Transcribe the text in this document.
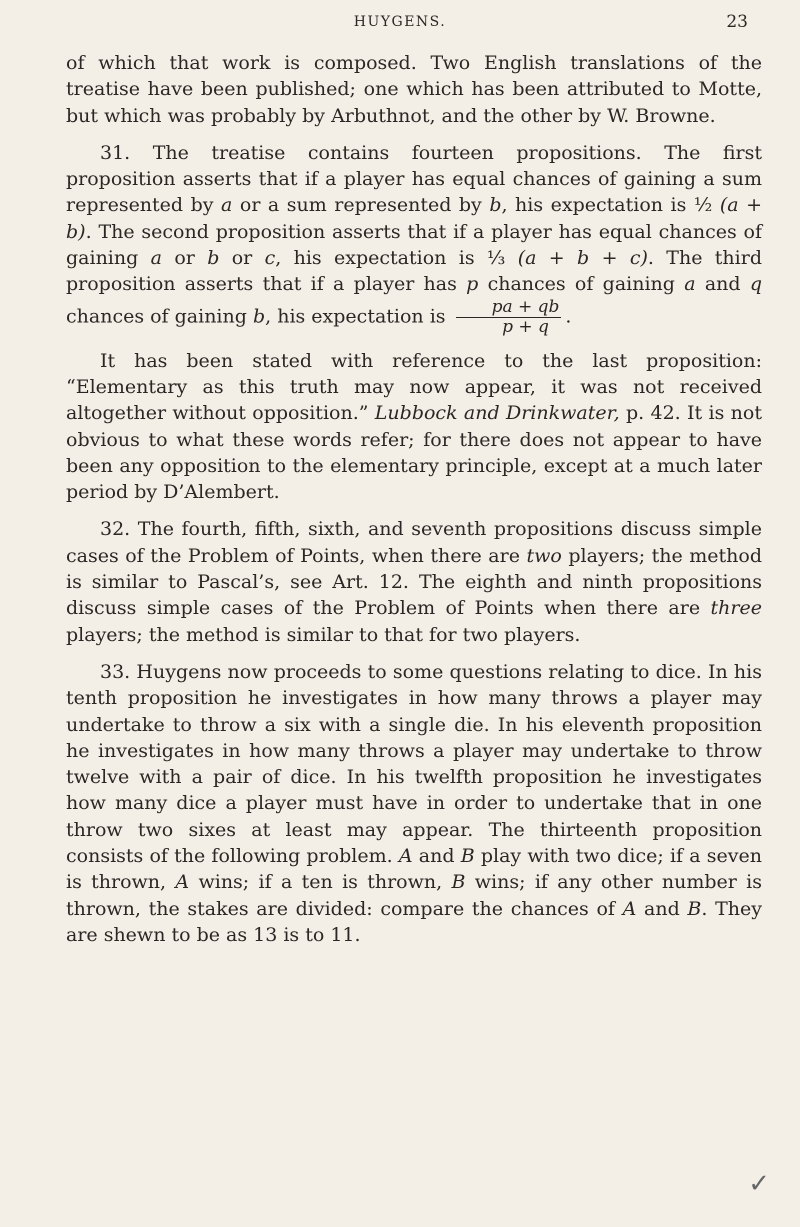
HUYGENS.	23

of which that work is composed. Two English translations of the treatise have been published; one which has been attributed to Motte, but which was probably by Arbuthnot, and the other by W. Browne.

31. The treatise contains fourteen propositions. The first proposition asserts that if a player has equal chances of gaining a sum represented by a or a sum represented by b, his expectation is ½ (a + b). The second proposition asserts that if a player has equal chances of gaining a or b or c, his expectation is ⅓ (a + b + c). The third proposition asserts that if a player has p chances of gaining a and q chances of gaining b, his expectation is $\frac{pa + qb}{p + q}$ .

It has been stated with reference to the last proposition: “Elementary as this truth may now appear, it was not received altogether without opposition.” Lubbock and Drinkwater, p. 42. It is not obvious to what these words refer; for there does not appear to have been any opposition to the elementary principle, except at a much later period by D’Alembert.

32. The fourth, fifth, sixth, and seventh propositions discuss simple cases of the Problem of Points, when there are two players; the method is similar to Pascal’s, see Art. 12. The eighth and ninth propositions discuss simple cases of the Problem of Points when there are three players; the method is similar to that for two players.

33. Huygens now proceeds to some questions relating to dice. In his tenth proposition he investigates in how many throws a player may undertake to throw a six with a single die. In his eleventh proposition he investigates in how many throws a player may undertake to throw twelve with a pair of dice. In his twelfth proposition he investigates how many dice a player must have in order to undertake that in one throw two sixes at least may appear. The thirteenth proposition consists of the following problem. A and B play with two dice; if a seven is thrown, A wins; if a ten is thrown, B wins; if any other number is thrown, the stakes are divided: compare the chances of A and B. They are shewn to be as 13 is to 11.

✓
